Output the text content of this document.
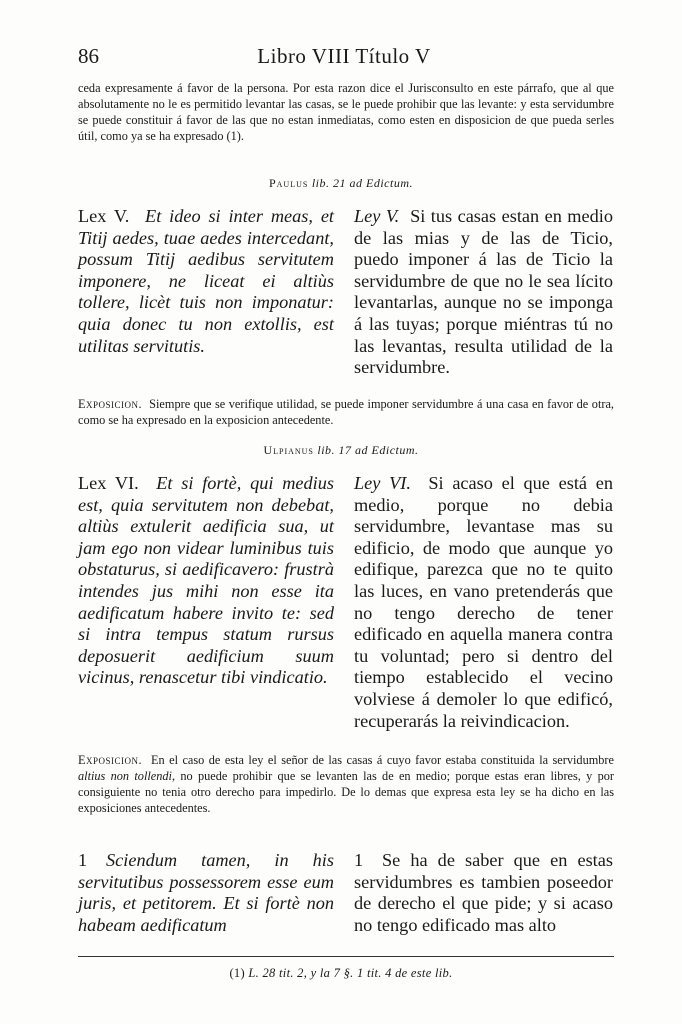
86	Libro VIII Título V
ceda expresamente á favor de la persona. Por esta razon dice el Jurisconsulto en este párrafo, que al que absolutamente no le es permitido levantar las casas, se le puede prohibir que las levante: y esta servidumbre se puede constituir á favor de las que no estan inmediatas, como esten en disposicion de que pueda serles útil, como ya se ha expresado (1).
Paulus lib. 21 ad Edictum.
Lex V. Et ideo si inter meas, et Titij aedes, tuae aedes intercedant, possum Titij aedibus servitutem imponere, ne liceat ei altiùs tollere, licèt tuis non imponatur: quia donec tu non extollis, est utilitas servitutis.
Ley V. Si tus casas estan en medio de las mias y de las de Ticio, puedo imponer á las de Ticio la servidumbre de que no le sea lícito levantarlas, aunque no se imponga á las tuyas; porque miéntras tú no las levantas, resulta utilidad de la servidumbre.
Exposicion. Siempre que se verifique utilidad, se puede imponer servidumbre á una casa en favor de otra, como se ha expresado en la exposicion antecedente.
Ulpianus lib. 17 ad Edictum.
Lex VI. Et si fortè, qui medius est, quia servitutem non debebat, altiùs extulerit aedificia sua, ut jam ego non videar luminibus tuis obstaturus, si aedificavero: frustrà intendes jus mihi non esse ita aedificatum habere invito te: sed si intra tempus statum rursus deposuerit aedificium suum vicinus, renascetur tibi vindicatio.
Ley VI. Si acaso el que está en medio, porque no debia servidumbre, levantase mas su edificio, de modo que aunque yo edifique, parezca que no te quito las luces, en vano pretenderás que no tengo derecho de tener edificado en aquella manera contra tu voluntad; pero si dentro del tiempo establecido el vecino volviese á demoler lo que edificó, recuperarás la reivindicacion.
Exposicion. En el caso de esta ley el señor de las casas á cuyo favor estaba constituida la servidumbre altius non tollendi, no puede prohibir que se levanten las de en medio; porque estas eran libres, y por consiguiente no tenia otro derecho para impedirlo. De lo demas que expresa esta ley se ha dicho en las exposiciones antecedentes.
1 Sciendum tamen, in his servitutibus possessorem esse eum juris, et petitorem. Et si fortè non habeam aedificatum
1 Se ha de saber que en estas servidumbres es tambien poseedor de derecho el que pide; y si acaso no tengo edificado mas alto
(1) L. 28 tit. 2, y la 7 §. 1 tit. 4 de este lib.
